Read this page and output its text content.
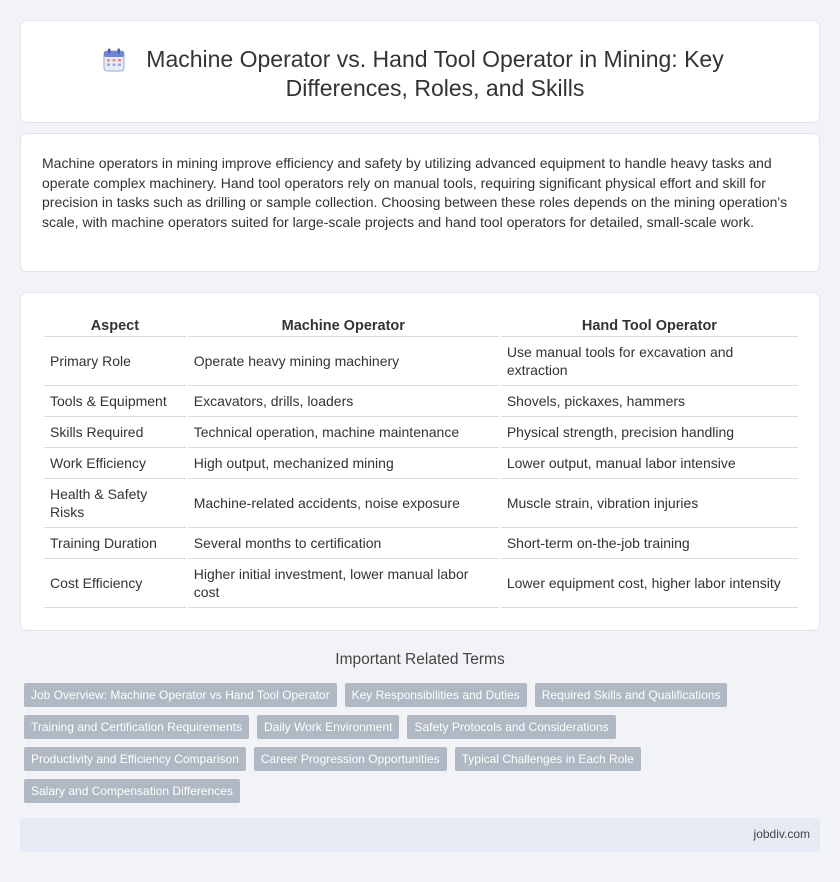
Machine Operator vs. Hand Tool Operator in Mining: Key Differences, Roles, and Skills

Machine operators in mining improve efficiency and safety by utilizing advanced equipment to handle heavy tasks and operate complex machinery. Hand tool operators rely on manual tools, requiring significant physical effort and skill for precision in tasks such as drilling or sample collection. Choosing between these roles depends on the mining operation's scale, with machine operators suited for large-scale projects and hand tool operators for detailed, small-scale work.

Aspect	Machine Operator	Hand Tool Operator
Primary Role	Operate heavy mining machinery	Use manual tools for excavation and extraction
Tools & Equipment	Excavators, drills, loaders	Shovels, pickaxes, hammers
Skills Required	Technical operation, machine maintenance	Physical strength, precision handling
Work Efficiency	High output, mechanized mining	Lower output, manual labor intensive
Health & Safety Risks	Machine-related accidents, noise exposure	Muscle strain, vibration injuries
Training Duration	Several months to certification	Short-term on-the-job training
Cost Efficiency	Higher initial investment, lower manual labor cost	Lower equipment cost, higher labor intensity
Important Related Terms
Job Overview: Machine Operator vs Hand Tool Operator	Key Responsibilities and Duties	Required Skills and Qualifications
Training and Certification Requirements	Daily Work Environment	Safety Protocols and Considerations
Productivity and Efficiency Comparison	Career Progression Opportunities	Typical Challenges in Each Role
Salary and Compensation Differences
jobdiv.com
